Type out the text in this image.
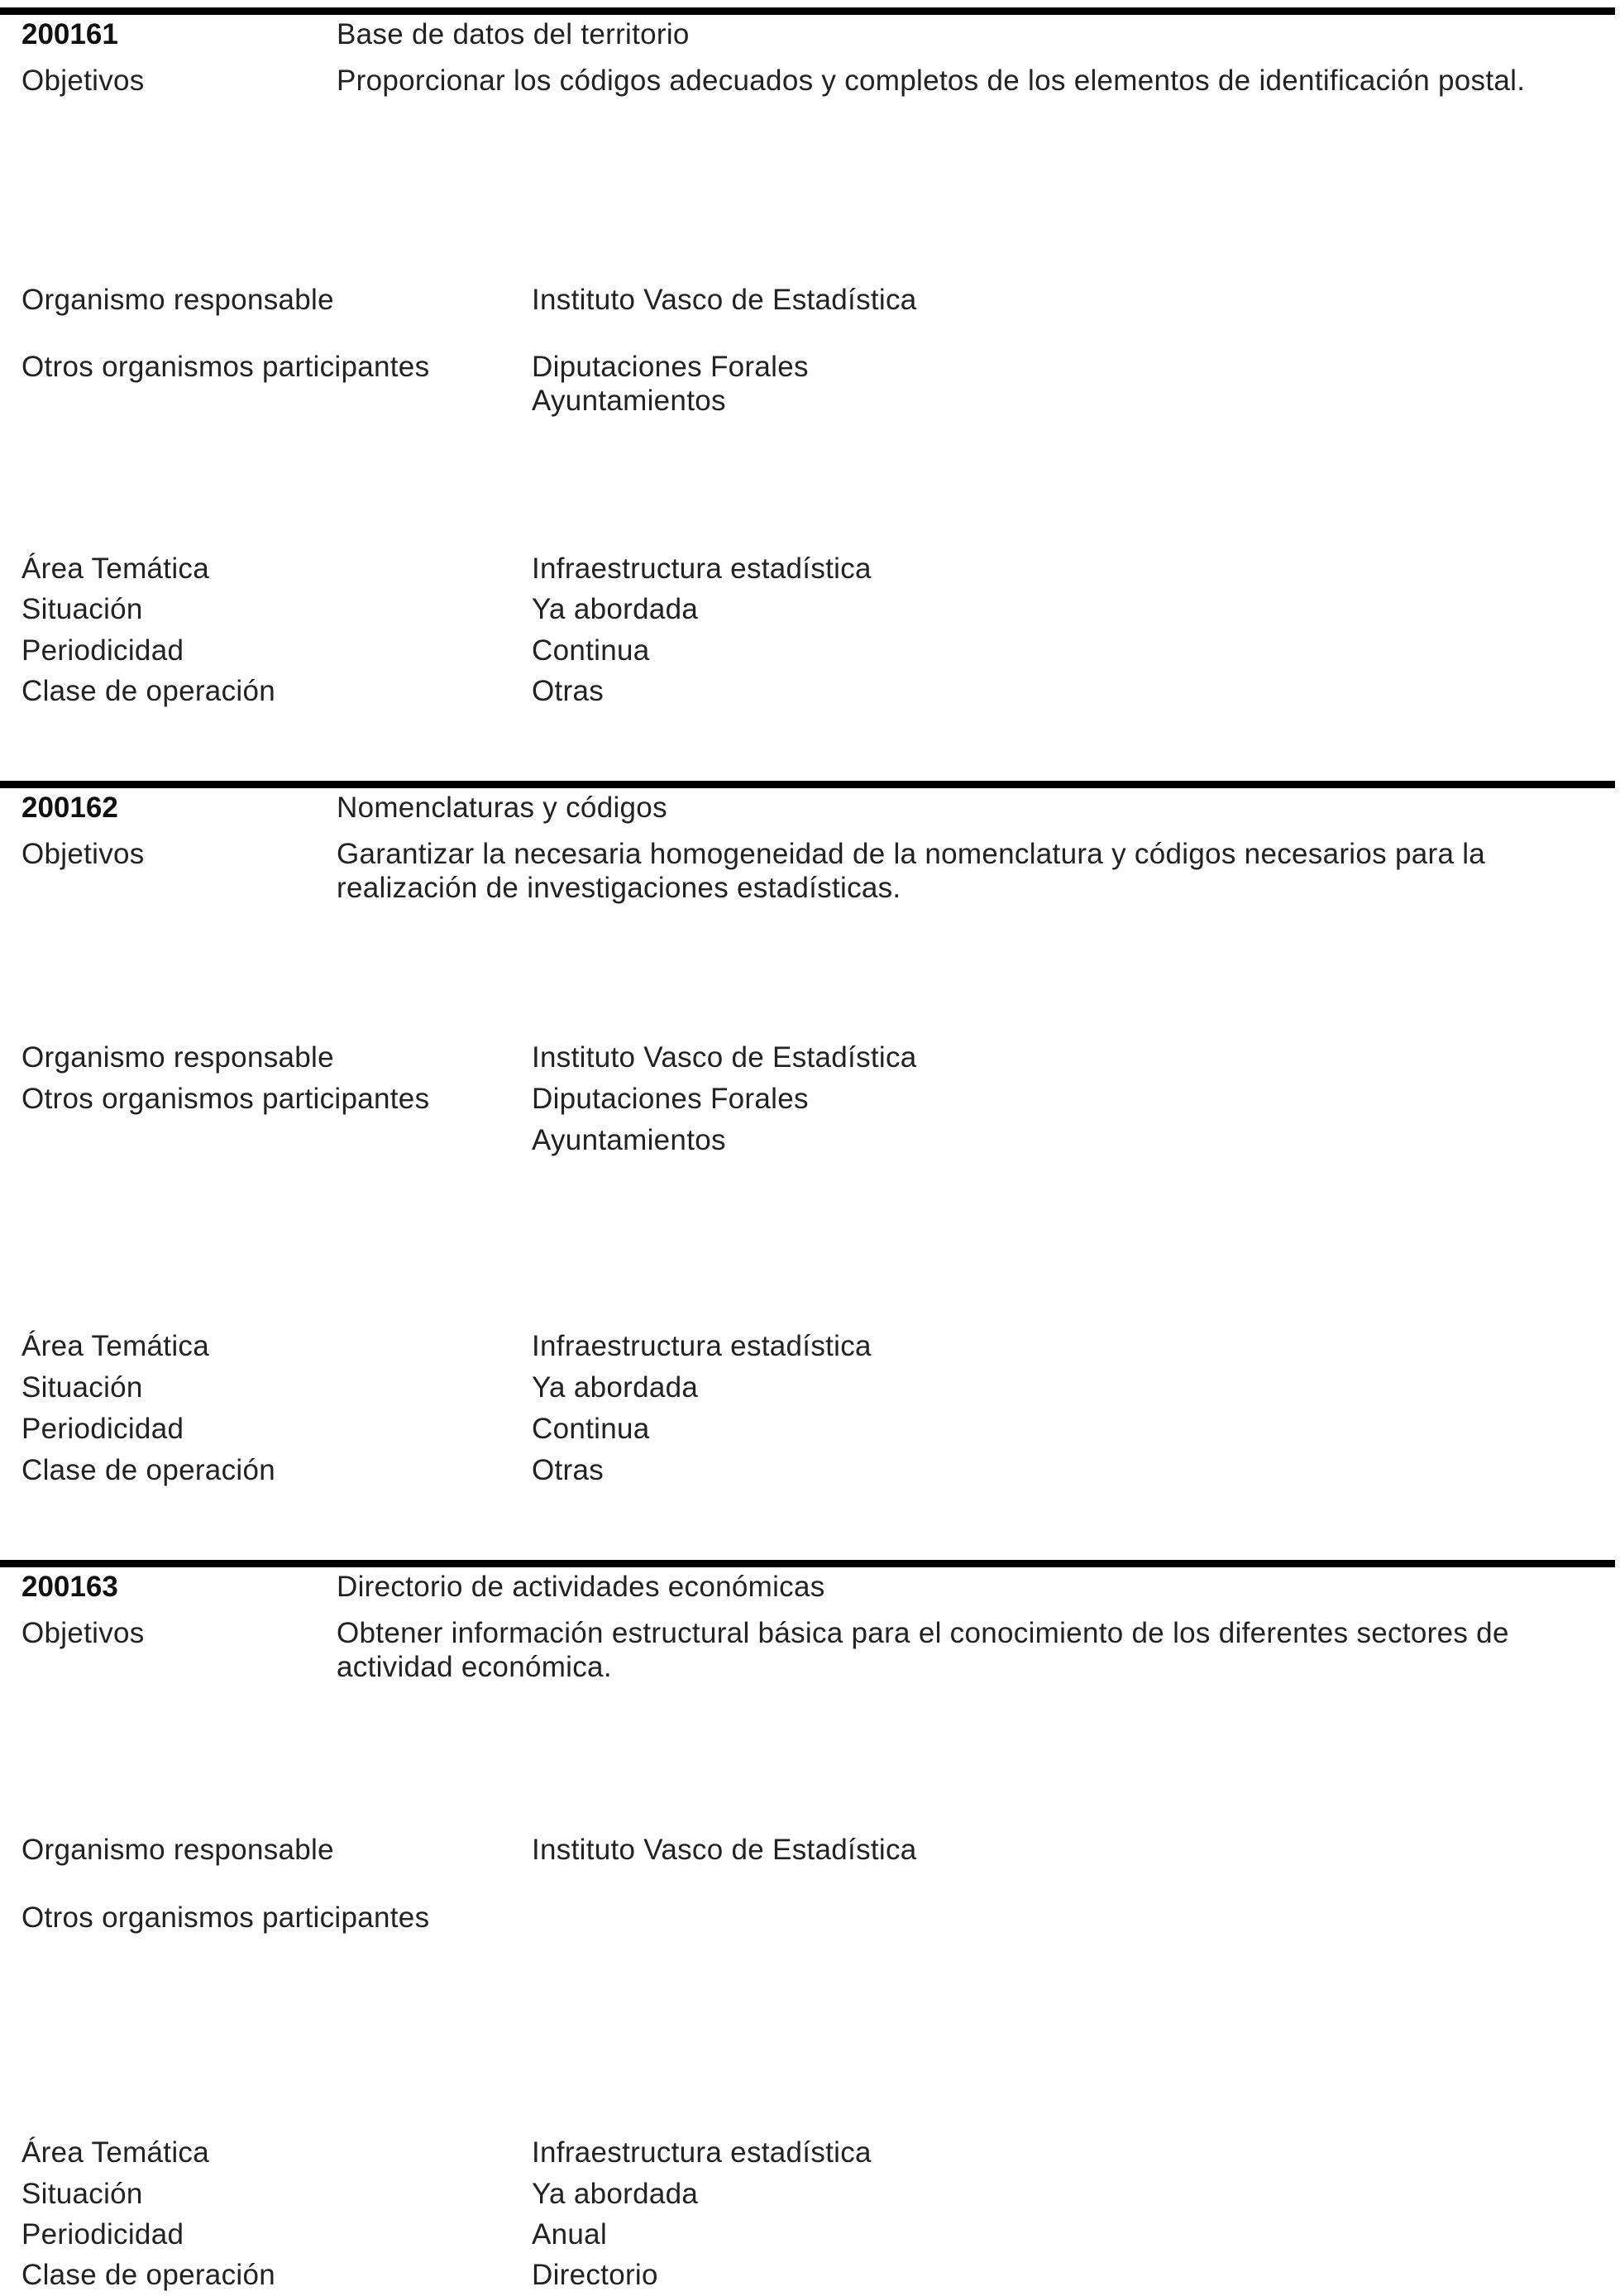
200161	Base de datos del territorio
Objetivos	Proporcionar los códigos adecuados y completos de los elementos de identificación postal.
Organismo responsable	Instituto Vasco de Estadística
Otros organismos participantes	Diputaciones Forales
Ayuntamientos
Área Temática	Infraestructura estadística
Situación	Ya abordada
Periodicidad	Continua
Clase de operación	Otras
200162	Nomenclaturas y códigos
Objetivos	Garantizar la necesaria homogeneidad de la nomenclatura y códigos necesarios para la
realización de investigaciones estadísticas.
Organismo responsable	Instituto Vasco de Estadística
Otros organismos participantes	Diputaciones Forales
Ayuntamientos
Área Temática	Infraestructura estadística
Situación	Ya abordada
Periodicidad	Continua
Clase de operación	Otras
200163	Directorio de actividades económicas
Objetivos	Obtener información estructural básica para el conocimiento de los diferentes sectores de
actividad económica.
Organismo responsable	Instituto Vasco de Estadística
Otros organismos participantes
Área Temática	Infraestructura estadística
Situación	Ya abordada
Periodicidad	Anual
Clase de operación	Directorio
